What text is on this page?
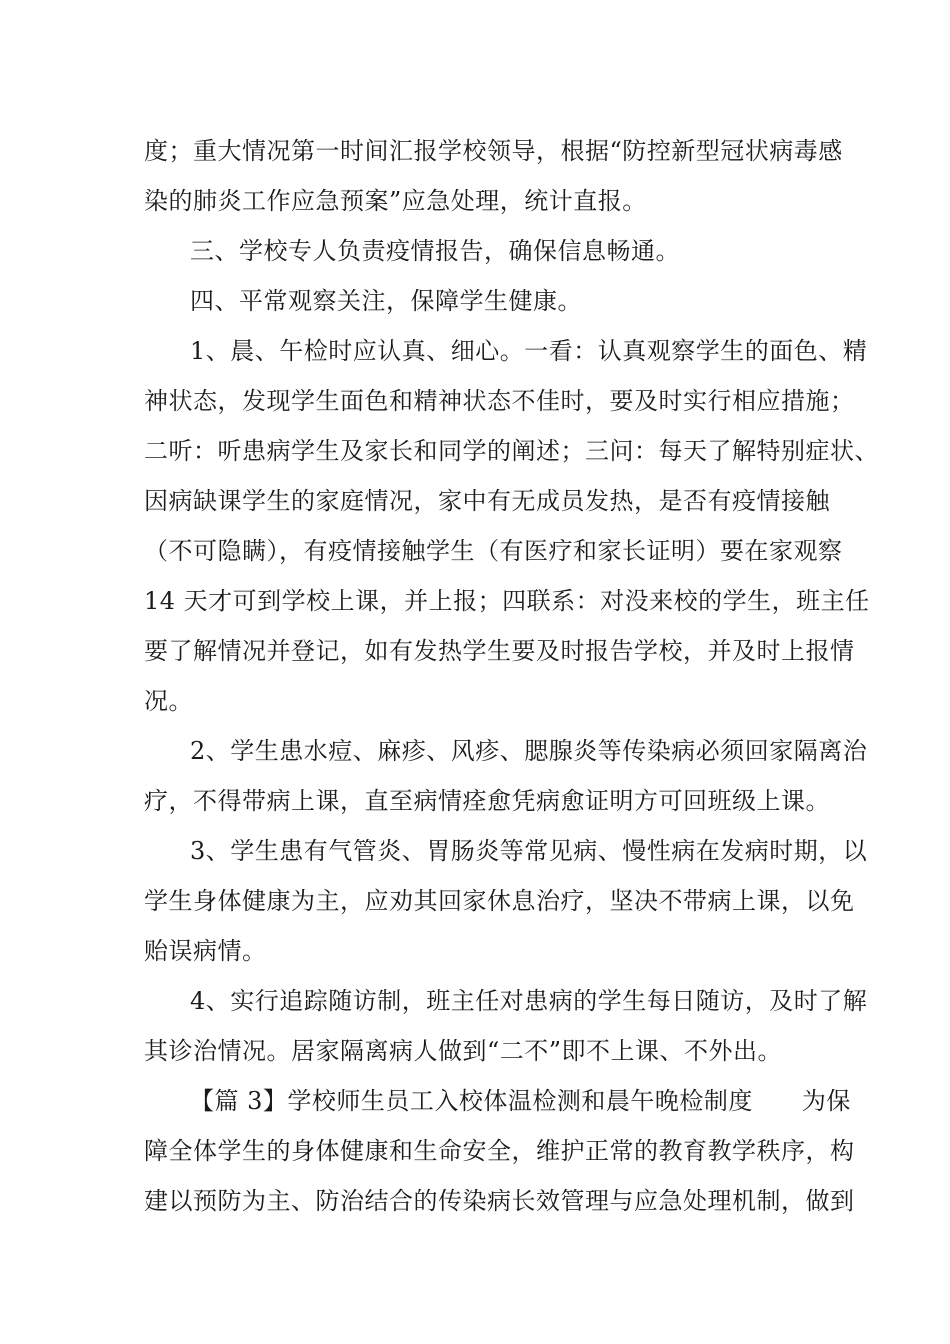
度；重大情况第一时间汇报学校领导，根据“防控新型冠状病毒感
染的肺炎工作应急预案”应急处理，统计直报。
三、学校专人负责疫情报告，确保信息畅通。
四、平常观察关注，保障学生健康。
1、晨、午检时应认真、细心。一看：认真观察学生的面色、精
神状态，发现学生面色和精神状态不佳时，要及时实行相应措施；
二听：听患病学生及家长和同学的阐述；三问：每天了解特别症状、
因病缺课学生的家庭情况，家中有无成员发热，是否有疫情接触
（不可隐瞒），有疫情接触学生（有医疗和家长证明）要在家观察
14 天才可到学校上课，并上报；四联系：对没来校的学生，班主任
要了解情况并登记，如有发热学生要及时报告学校，并及时上报情
况。
2、学生患水痘、麻疹、风疹、腮腺炎等传染病必须回家隔离治
疗，不得带病上课，直至病情痊愈凭病愈证明方可回班级上课。
3、学生患有气管炎、胃肠炎等常见病、慢性病在发病时期，以
学生身体健康为主，应劝其回家休息治疗，坚决不带病上课，以免
贻误病情。
4、实行追踪随访制，班主任对患病的学生每日随访，及时了解
其诊治情况。居家隔离病人做到“二不”即不上课、不外出。
【篇 3】学校师生员工入校体温检测和晨午晚检制度　　为保
障全体学生的身体健康和生命安全，维护正常的教育教学秩序，构
建以预防为主、防治结合的传染病长效管理与应急处理机制，做到
